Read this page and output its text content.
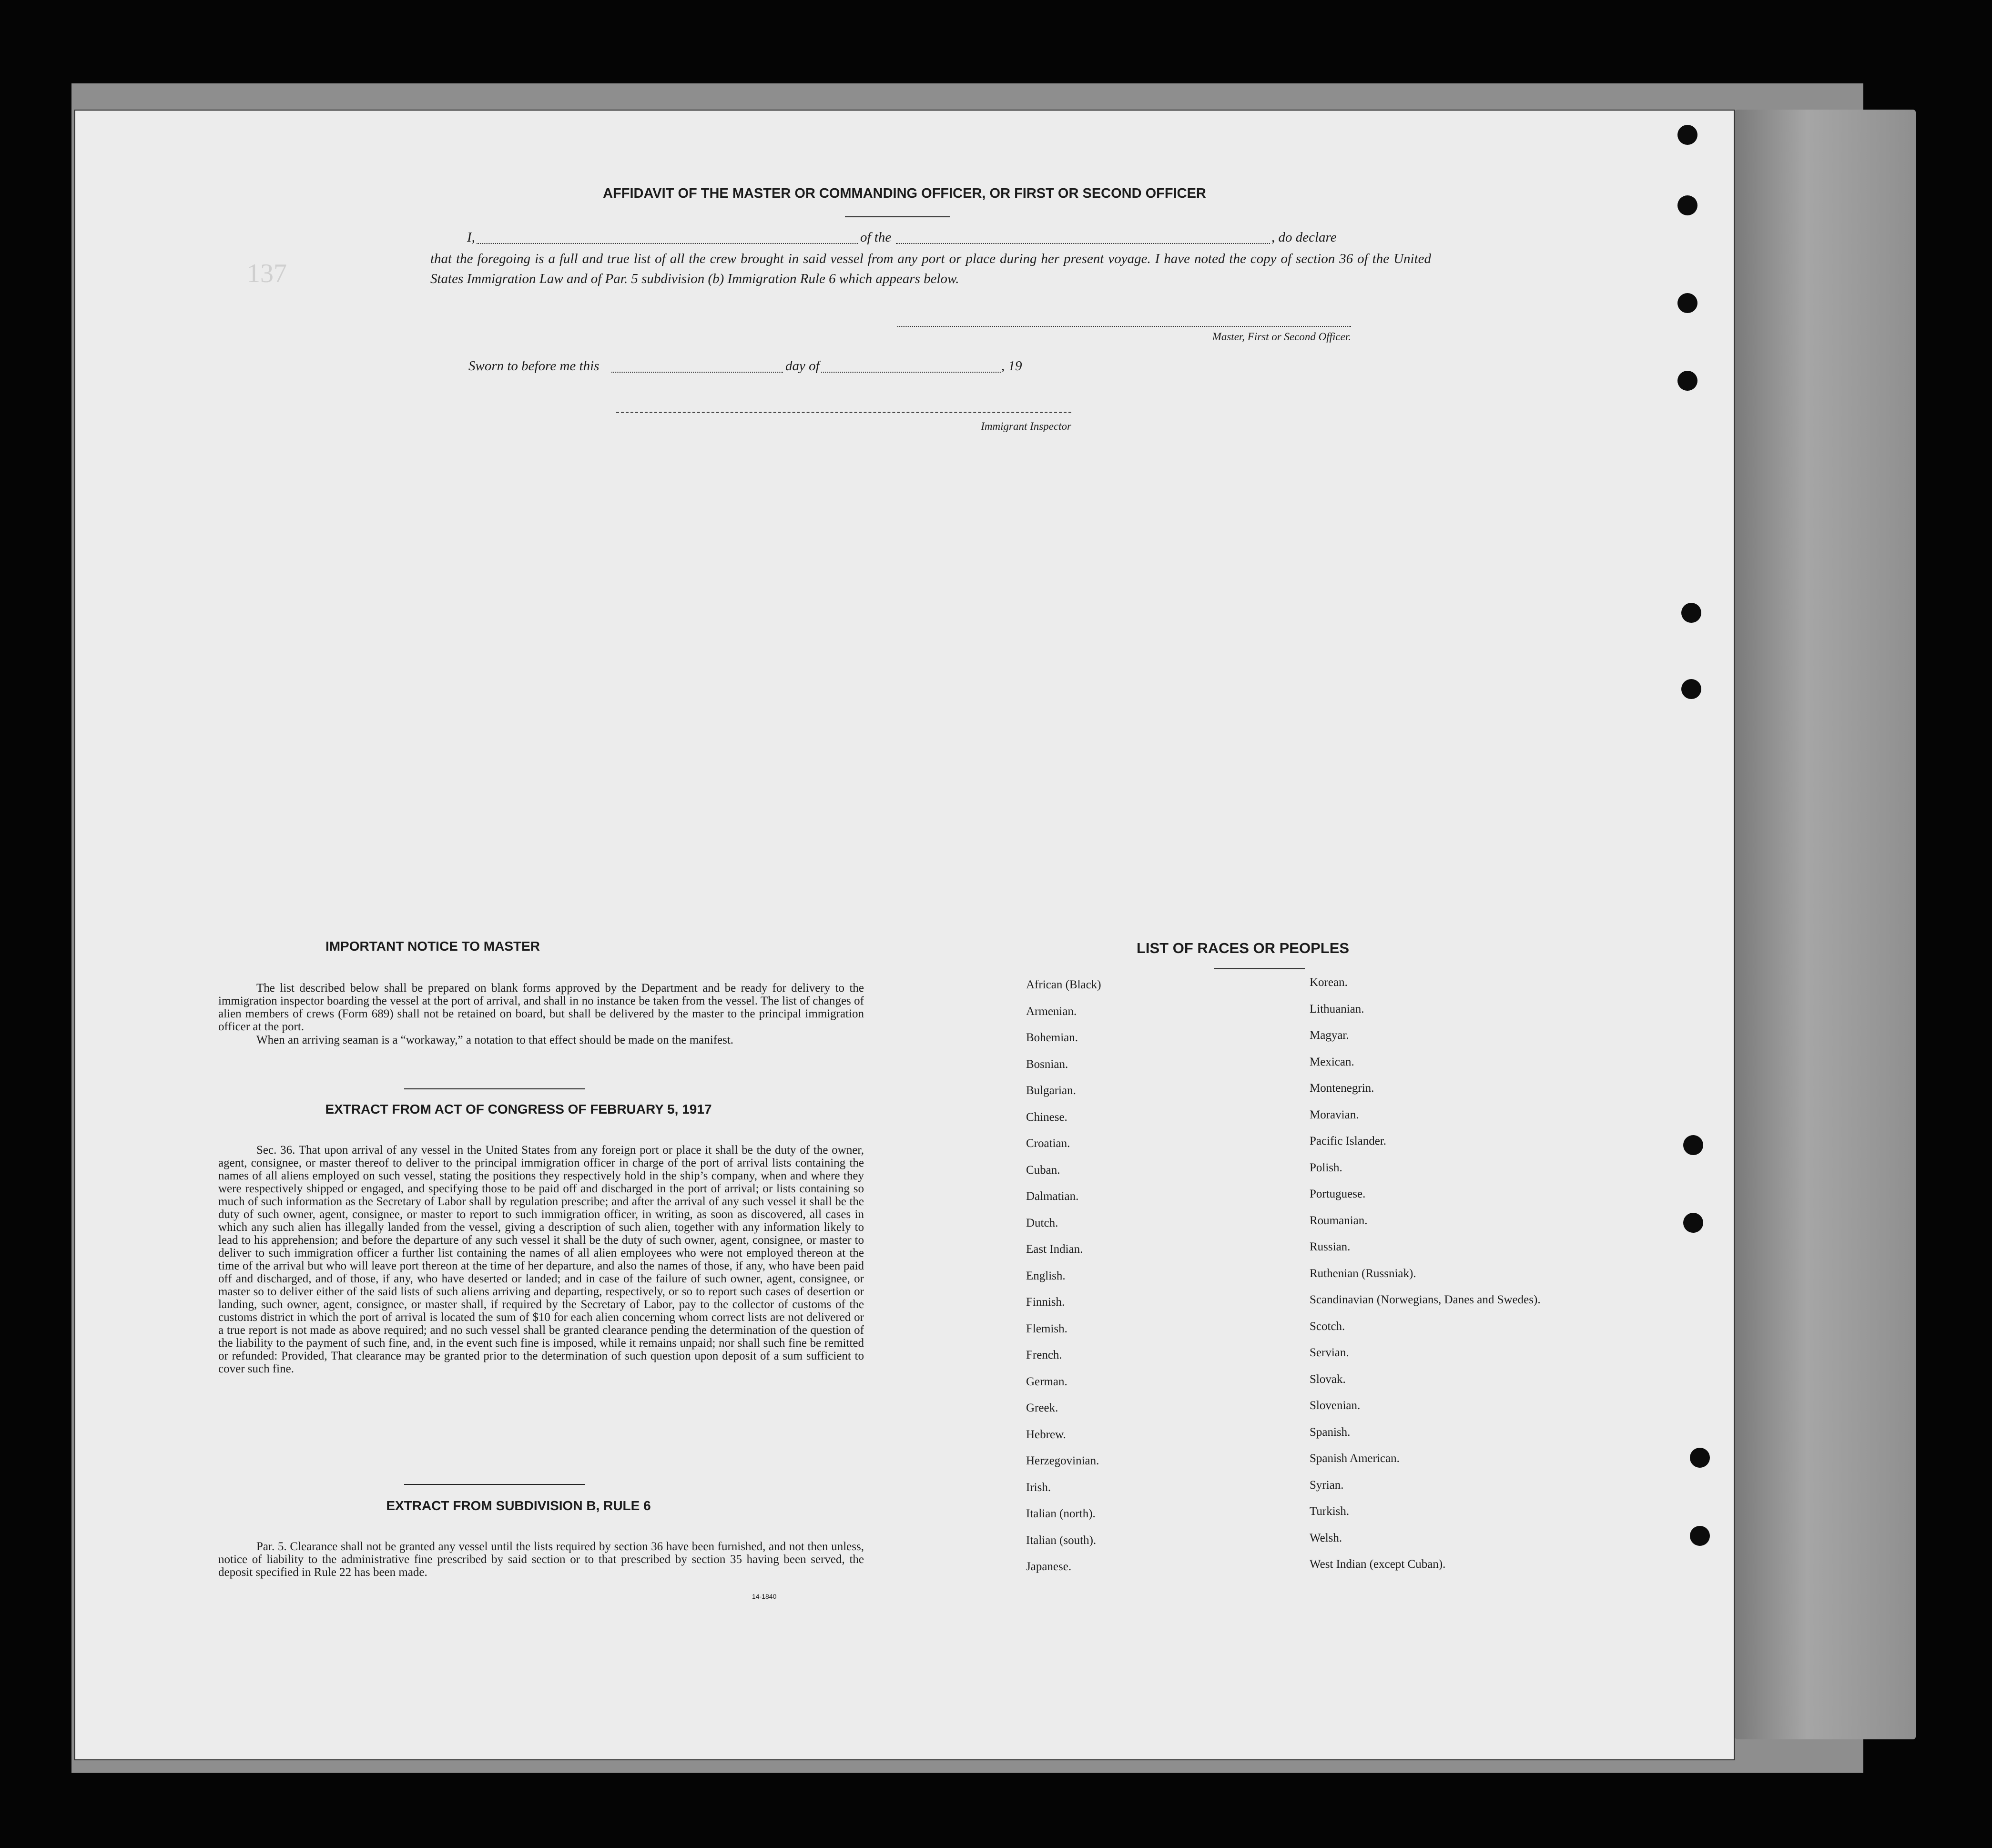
137
AFFIDAVIT OF THE MASTER OR COMMANDING OFFICER, OR FIRST OR SECOND OFFICER
I,	of the	, do declare
that the foregoing is a full and true list of all the crew brought in said vessel from any port or place during her present voyage. I have noted the copy of section 36 of the United States Immigration Law and of Par. 5 subdivision (b) Immigration Rule 6 which appears below.
Master, First or Second Officer.
Sworn to before me this	day of	, 19
Immigrant Inspector
IMPORTANT NOTICE TO MASTER
The list described below shall be prepared on blank forms approved by the Department and be ready for delivery to the immigration inspector boarding the vessel at the port of arrival, and shall in no instance be taken from the vessel. The list of changes of alien members of crews (Form 689) shall not be retained on board, but shall be delivered by the master to the principal immigration officer at the port.
When an arriving seaman is a “workaway,” a notation to that effect should be made on the manifest.
EXTRACT FROM ACT OF CONGRESS OF FEBRUARY 5, 1917
Sec. 36. That upon arrival of any vessel in the United States from any foreign port or place it shall be the duty of the owner, agent, consignee, or master thereof to deliver to the principal immigration officer in charge of the port of arrival lists containing the names of all aliens employed on such vessel, stating the positions they respectively hold in the ship’s company, when and where they were respectively shipped or engaged, and specifying those to be paid off and discharged in the port of arrival; or lists containing so much of such information as the Secretary of Labor shall by regulation prescribe; and after the arrival of any such vessel it shall be the duty of such owner, agent, consignee, or master to report to such immigration officer, in writing, as soon as discovered, all cases in which any such alien has illegally landed from the vessel, giving a description of such alien, together with any information likely to lead to his apprehension; and before the departure of any such vessel it shall be the duty of such owner, agent, consignee, or master to deliver to such immigration officer a further list containing the names of all alien employees who were not employed thereon at the time of the arrival but who will leave port thereon at the time of her departure, and also the names of those, if any, who have been paid off and discharged, and of those, if any, who have deserted or landed; and in case of the failure of such owner, agent, consignee, or master so to deliver either of the said lists of such aliens arriving and departing, respectively, or so to report such cases of desertion or landing, such owner, agent, consignee, or master shall, if required by the Secretary of Labor, pay to the collector of customs of the customs district in which the port of arrival is located the sum of $10 for each alien concerning whom correct lists are not delivered or a true report is not made as above required; and no such vessel shall be granted clearance pending the determination of the question of the liability to the payment of such fine, and, in the event such fine is imposed, while it remains unpaid; nor shall such fine be remitted or refunded: Provided, That clearance may be granted prior to the determination of such question upon deposit of a sum sufficient to cover such fine.
EXTRACT FROM SUBDIVISION B, RULE 6
Par. 5. Clearance shall not be granted any vessel until the lists required by section 36 have been furnished, and not then unless, notice of liability to the administrative fine prescribed by said section or to that prescribed by section 35 having been served, the deposit specified in Rule 22 has been made.
14-1840
LIST OF RACES OR PEOPLES
African (Black)
Armenian.
Bohemian.
Bosnian.
Bulgarian.
Chinese.
Croatian.
Cuban.
Dalmatian.
Dutch.
East Indian.
English.
Finnish.
Flemish.
French.
German.
Greek.
Hebrew.
Herzegovinian.
Irish.
Italian (north).
Italian (south).
Japanese.
Korean.
Lithuanian.
Magyar.
Mexican.
Montenegrin.
Moravian.
Pacific Islander.
Polish.
Portuguese.
Roumanian.
Russian.
Ruthenian (Russniak).
Scandinavian (Norwegians, Danes and Swedes).
Scotch.
Servian.
Slovak.
Slovenian.
Spanish.
Spanish American.
Syrian.
Turkish.
Welsh.
West Indian (except Cuban).
